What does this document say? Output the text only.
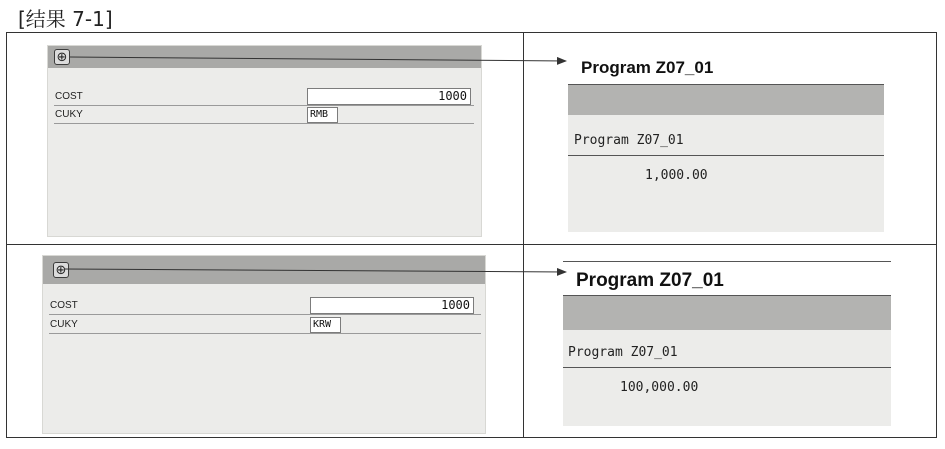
[结果 7-1]
⊕
COST	1000
CUKY	RMB
Program Z07_01
Program Z07_01
1,000.00
⊕
COST	1000
CUKY	KRW
Program Z07_01
Program Z07_01
100,000.00
